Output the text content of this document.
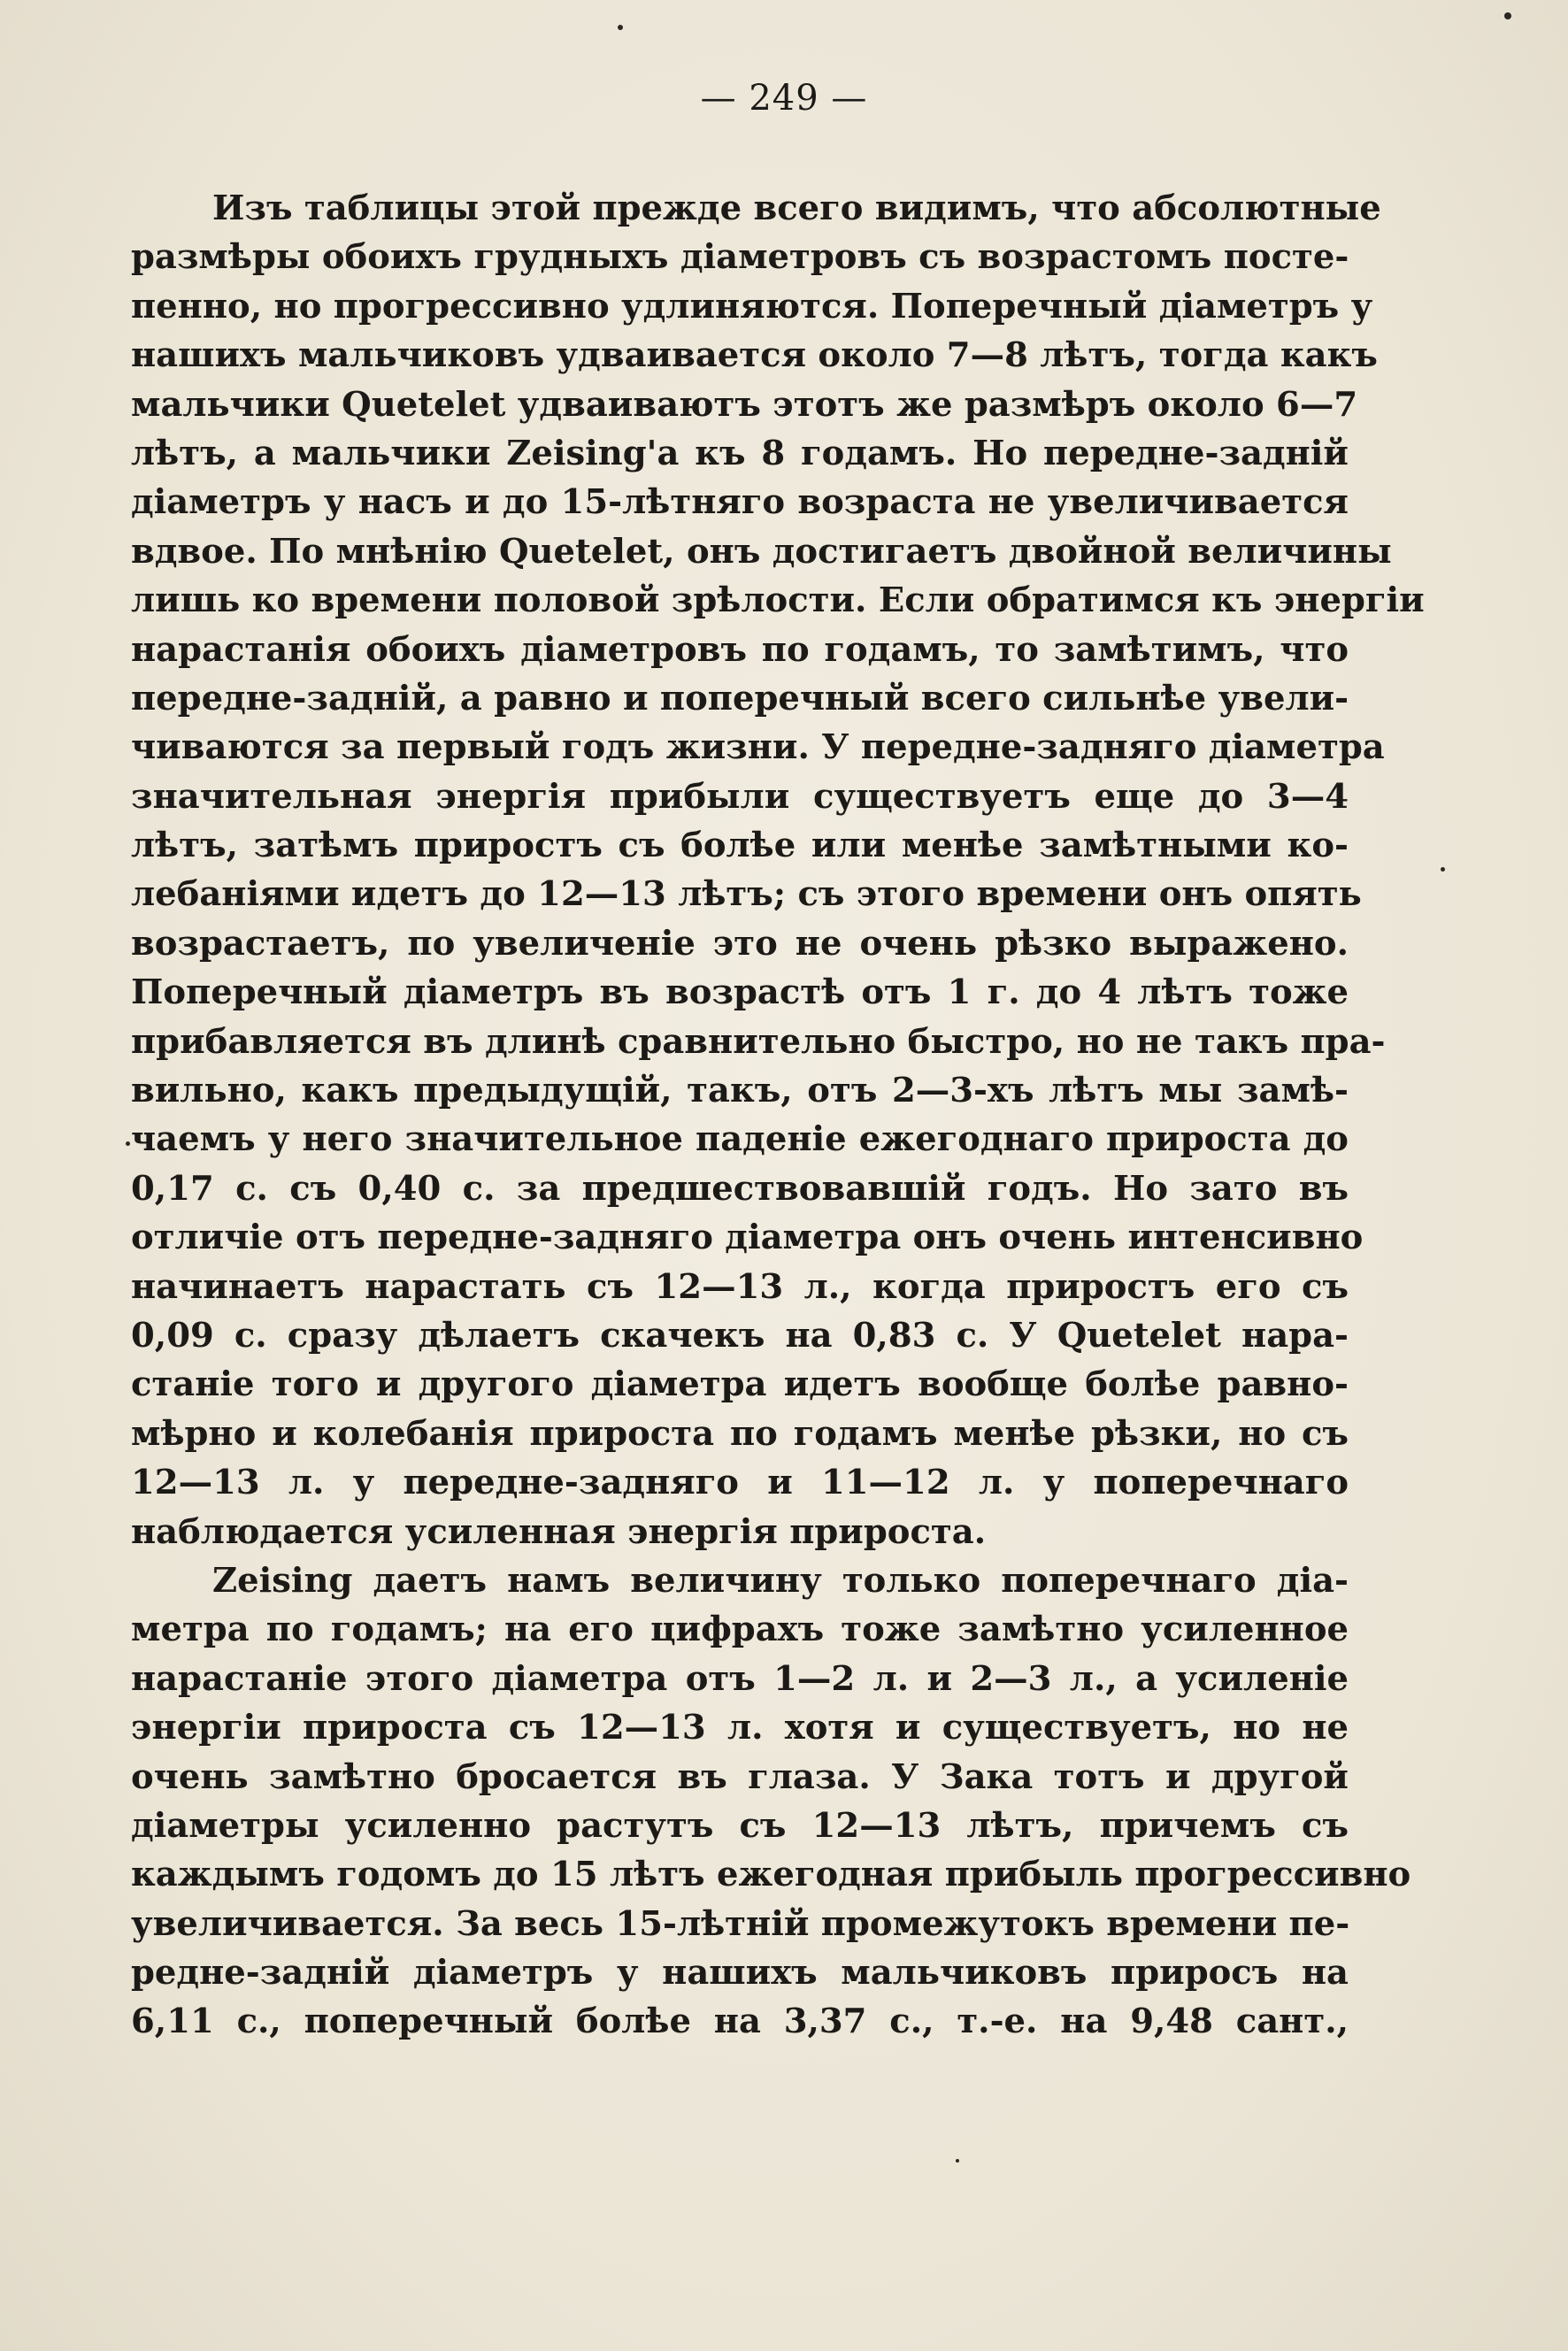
— 249 —
Изъ таблицы этой прежде всего видимъ, что абсолютные
размѣры обоихъ грудныхъ діаметровъ съ возрастомъ посте-
пенно, но прогрессивно удлиняются. Поперечный діаметръ у
нашихъ мальчиковъ удваивается около 7—8 лѣтъ, тогда какъ
мальчики Quetelet удваиваютъ этотъ же размѣръ около 6—7
лѣтъ, а мальчики Zeising'а къ 8 годамъ. Но передне-задній
діаметръ у насъ и до 15-лѣтняго возраста не увеличивается
вдвое. По мнѣнію Quetelet, онъ достигаетъ двойной величины
лишь ко времени половой зрѣлости. Если обратимся къ энергіи
нарастанія обоихъ діаметровъ по годамъ, то замѣтимъ, что
передне-задній, а равно и поперечный всего сильнѣе увели-
чиваются за первый годъ жизни. У передне-задняго діаметра
значительная энергія прибыли существуетъ еще до 3—4
лѣтъ, затѣмъ приростъ съ болѣе или менѣе замѣтными ко-
лебаніями идетъ до 12—13 лѣтъ; съ этого времени онъ опять
возрастаетъ, по увеличеніе это не очень рѣзко выражено.
Поперечный діаметръ въ возрастѣ отъ 1 г. до 4 лѣтъ тоже
прибавляется въ длинѣ сравнительно быстро, но не такъ пра-
вильно, какъ предыдущій, такъ, отъ 2—3-хъ лѣтъ мы замѣ-
чаемъ у него значительное паденіе ежегоднаго прироста до
0,17 с. съ 0,40 с. за предшествовавшій годъ. Но зато въ
отличіе отъ передне-задняго діаметра онъ очень интенсивно
начинаетъ нарастать съ 12—13 л., когда приростъ его съ
0,09 с. сразу дѣлаетъ скачекъ на 0,83 с. У Quetelet нара-
станіе того и другого діаметра идетъ вообще болѣе равно-
мѣрно и колебанія прироста по годамъ менѣе рѣзки, но съ
12—13 л. у передне-задняго и 11—12 л. у поперечнаго
наблюдается усиленная энергія прироста.
Zeising даетъ намъ величину только поперечнаго діа-
метра по годамъ; на его цифрахъ тоже замѣтно усиленное
нарастаніе этого діаметра отъ 1—2 л. и 2—3 л., а усиленіе
энергіи прироста съ 12—13 л. хотя и существуетъ, но не
очень замѣтно бросается въ глаза. У Зака тотъ и другой
діаметры усиленно растутъ съ 12—13 лѣтъ, причемъ съ
каждымъ годомъ до 15 лѣтъ ежегодная прибыль прогрессивно
увеличивается. За весь 15-лѣтній промежутокъ времени пе-
редне-задній діаметръ у нашихъ мальчиковъ приросъ на
6,11 с., поперечный болѣе на 3,37 с., т.-е. на 9,48 сант.,
